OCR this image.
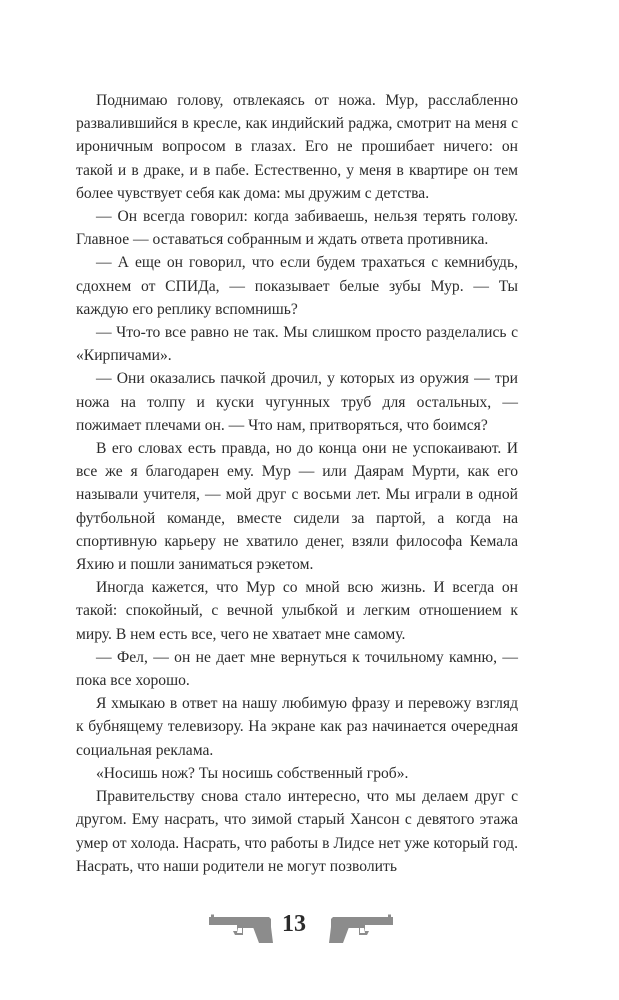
Поднимаю голову, отвлекаясь от ножа. Мур, расслабленно развалившийся в кресле, как индийский раджа, смотрит на меня с ироничным вопросом в глазах. Его не прошибает ничего: он такой и в драке, и в пабе. Естественно, у меня в квартире он тем более чувствует себя как дома: мы дружим с детства.

— Он всегда говорил: когда забиваешь, нельзя терять голову. Главное — оставаться собранным и ждать ответа противника.

— А еще он говорил, что если будем трахаться с кемнибудь, сдохнем от СПИДа, — показывает белые зубы Мур. — Ты каждую его реплику вспомнишь?

— Что-то все равно не так. Мы слишком просто разделались с «Кирпичами».

— Они оказались пачкой дрочил, у которых из оружия — три ножа на толпу и куски чугунных труб для остальных, — пожимает плечами он. — Что нам, притворяться, что боимся?

В его словах есть правда, но до конца они не успокаивают. И все же я благодарен ему. Мур — или Даярам Мурти, как его называли учителя, — мой друг с восьми лет. Мы играли в одной футбольной команде, вместе сидели за партой, а когда на спортивную карьеру не хватило денег, взяли философа Кемала Яхию и пошли заниматься рэкетом.

Иногда кажется, что Мур со мной всю жизнь. И всегда он такой: спокойный, с вечной улыбкой и легким отношением к миру. В нем есть все, чего не хватает мне самому.

— Фел, — он не дает мне вернуться к точильному камню, — пока все хорошо.

Я хмыкаю в ответ на нашу любимую фразу и перевожу взгляд к бубнящему телевизору. На экране как раз начинается очередная социальная реклама.

«Носишь нож? Ты носишь собственный гроб».

Правительству снова стало интересно, что мы делаем друг с другом. Ему насрать, что зимой старый Хансон с девятого этажа умер от холода. Насрать, что работы в Лидсе нет уже который год. Насрать, что наши родители не могут позволить

13
